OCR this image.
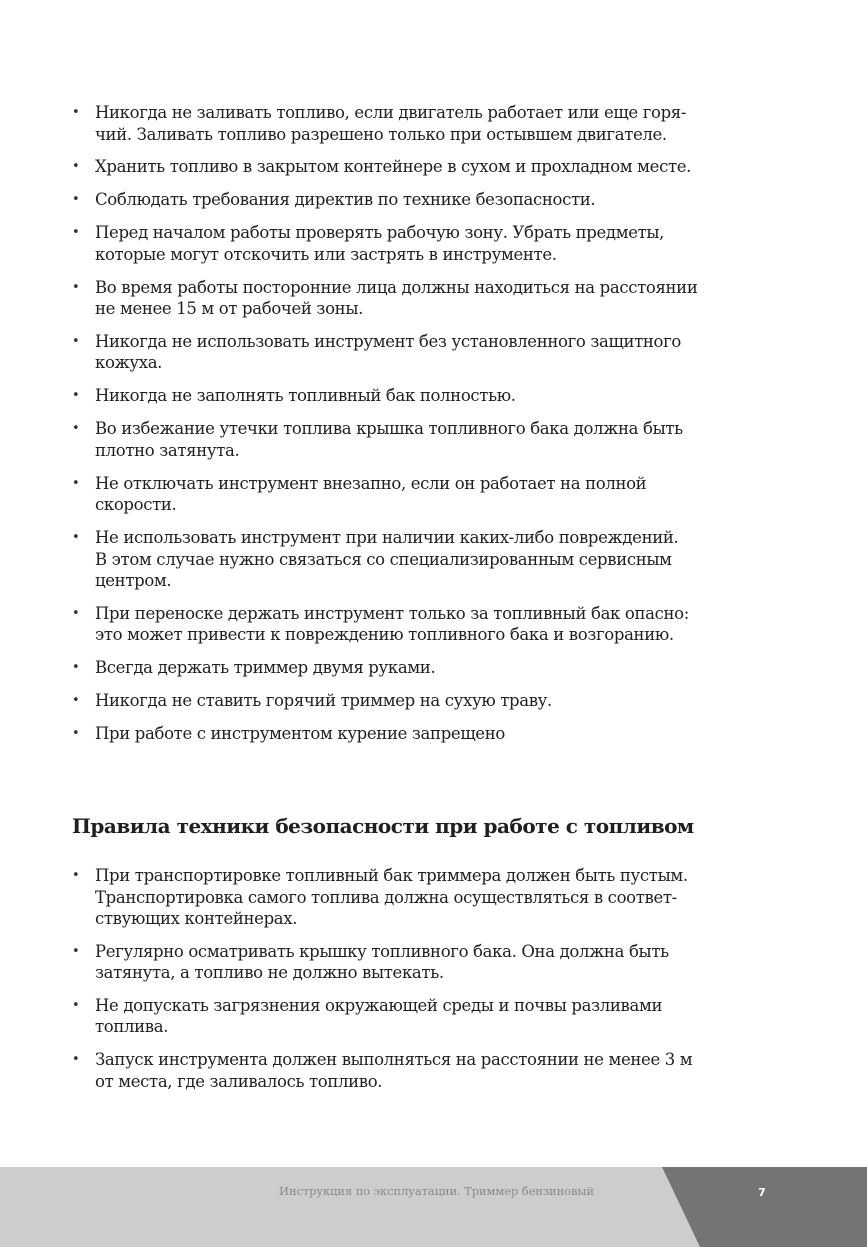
• Никогда не заливать топливо, если двигатель работает или еще горя-
чий. Заливать топливо разрешено только при остывшем двигателе.
• Хранить топливо в закрытом контейнере в сухом и прохладном месте.
• Соблюдать требования директив по технике безопасности.
• Перед началом работы проверять рабочую зону. Убрать предметы,
которые могут отскочить или застрять в инструменте.
• Во время работы посторонние лица должны находиться на расстоянии
не менее 15 м от рабочей зоны.
• Никогда не использовать инструмент без установленного защитного
кожуха.
• Никогда не заполнять топливный бак полностью.
• Во избежание утечки топлива крышка топливного бака должна быть
плотно затянута.
• Не отключать инструмент внезапно, если он работает на полной
скорости.
• Не использовать инструмент при наличии каких-либо повреждений.
В этом случае нужно связаться со специализированным сервисным
центром.
• При переноске держать инструмент только за топливный бак опасно:
это может привести к повреждению топливного бака и возгоранию.
• Всегда держать триммер двумя руками.
• Никогда не ставить горячий триммер на сухую траву.
• При работе с инструментом курение запрещено
Правила техники безопасности при работе с топливом
• При транспортировке топливный бак триммера должен быть пустым.
Транспортировка самого топлива должна осуществляться в соответ-
ствующих контейнерах.
• Регулярно осматривать крышку топливного бака. Она должна быть
затянута, а топливо не должно вытекать.
• Не допускать загрязнения окружающей среды и почвы разливами
топлива.
• Запуск инструмента должен выполняться на расстоянии не менее 3 м
от места, где заливалось топливо.
Инструкция по эксплуатации. Триммер бензиновый	7
